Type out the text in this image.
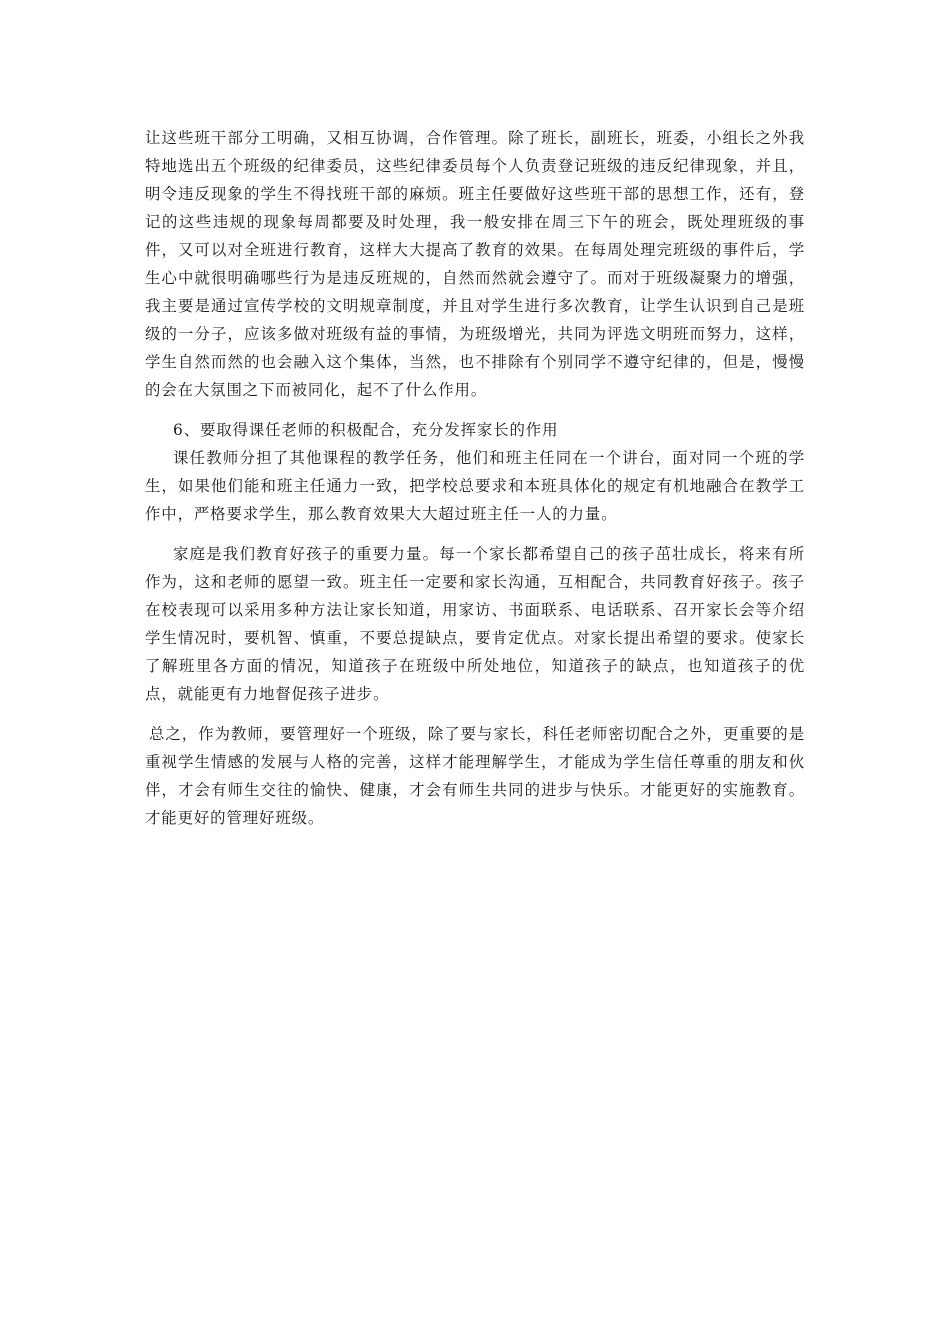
让这些班干部分工明确，又相互协调，合作管理。除了班长，副班长，班委，小组长之外我特地选出五个班级的纪律委员，这些纪律委员每个人负责登记班级的违反纪律现象，并且，明令违反现象的学生不得找班干部的麻烦。班主任要做好这些班干部的思想工作，还有，登记的这些违规的现象每周都要及时处理，我一般安排在周三下午的班会，既处理班级的事件，又可以对全班进行教育，这样大大提高了教育的效果。在每周处理完班级的事件后，学生心中就很明确哪些行为是违反班规的，自然而然就会遵守了。而对于班级凝聚力的增强，我主要是通过宣传学校的文明规章制度，并且对学生进行多次教育，让学生认识到自己是班级的一分子，应该多做对班级有益的事情，为班级增光，共同为评选文明班而努力，这样，学生自然而然的也会融入这个集体，当然，也不排除有个别同学不遵守纪律的，但是，慢慢的会在大氛围之下而被同化，起不了什么作用。

6、要取得课任老师的积极配合，充分发挥家长的作用

课任教师分担了其他课程的教学任务，他们和班主任同在一个讲台，面对同一个班的学生，如果他们能和班主任通力一致，把学校总要求和本班具体化的规定有机地融合在教学工作中，严格要求学生，那么教育效果大大超过班主任一人的力量。

家庭是我们教育好孩子的重要力量。每一个家长都希望自己的孩子茁壮成长，将来有所作为，这和老师的愿望一致。班主任一定要和家长沟通，互相配合，共同教育好孩子。孩子在校表现可以采用多种方法让家长知道，用家访、书面联系、电话联系、召开家长会等介绍学生情况时，要机智、慎重，不要总提缺点，要肯定优点。对家长提出希望的要求。使家长了解班里各方面的情况，知道孩子在班级中所处地位，知道孩子的缺点，也知道孩子的优点，就能更有力地督促孩子进步。

总之，作为教师，要管理好一个班级，除了要与家长，科任老师密切配合之外，更重要的是重视学生情感的发展与人格的完善，这样才能理解学生，才能成为学生信任尊重的朋友和伙伴，才会有师生交往的愉快、健康，才会有师生共同的进步与快乐。才能更好的实施教育。才能更好的管理好班级。
